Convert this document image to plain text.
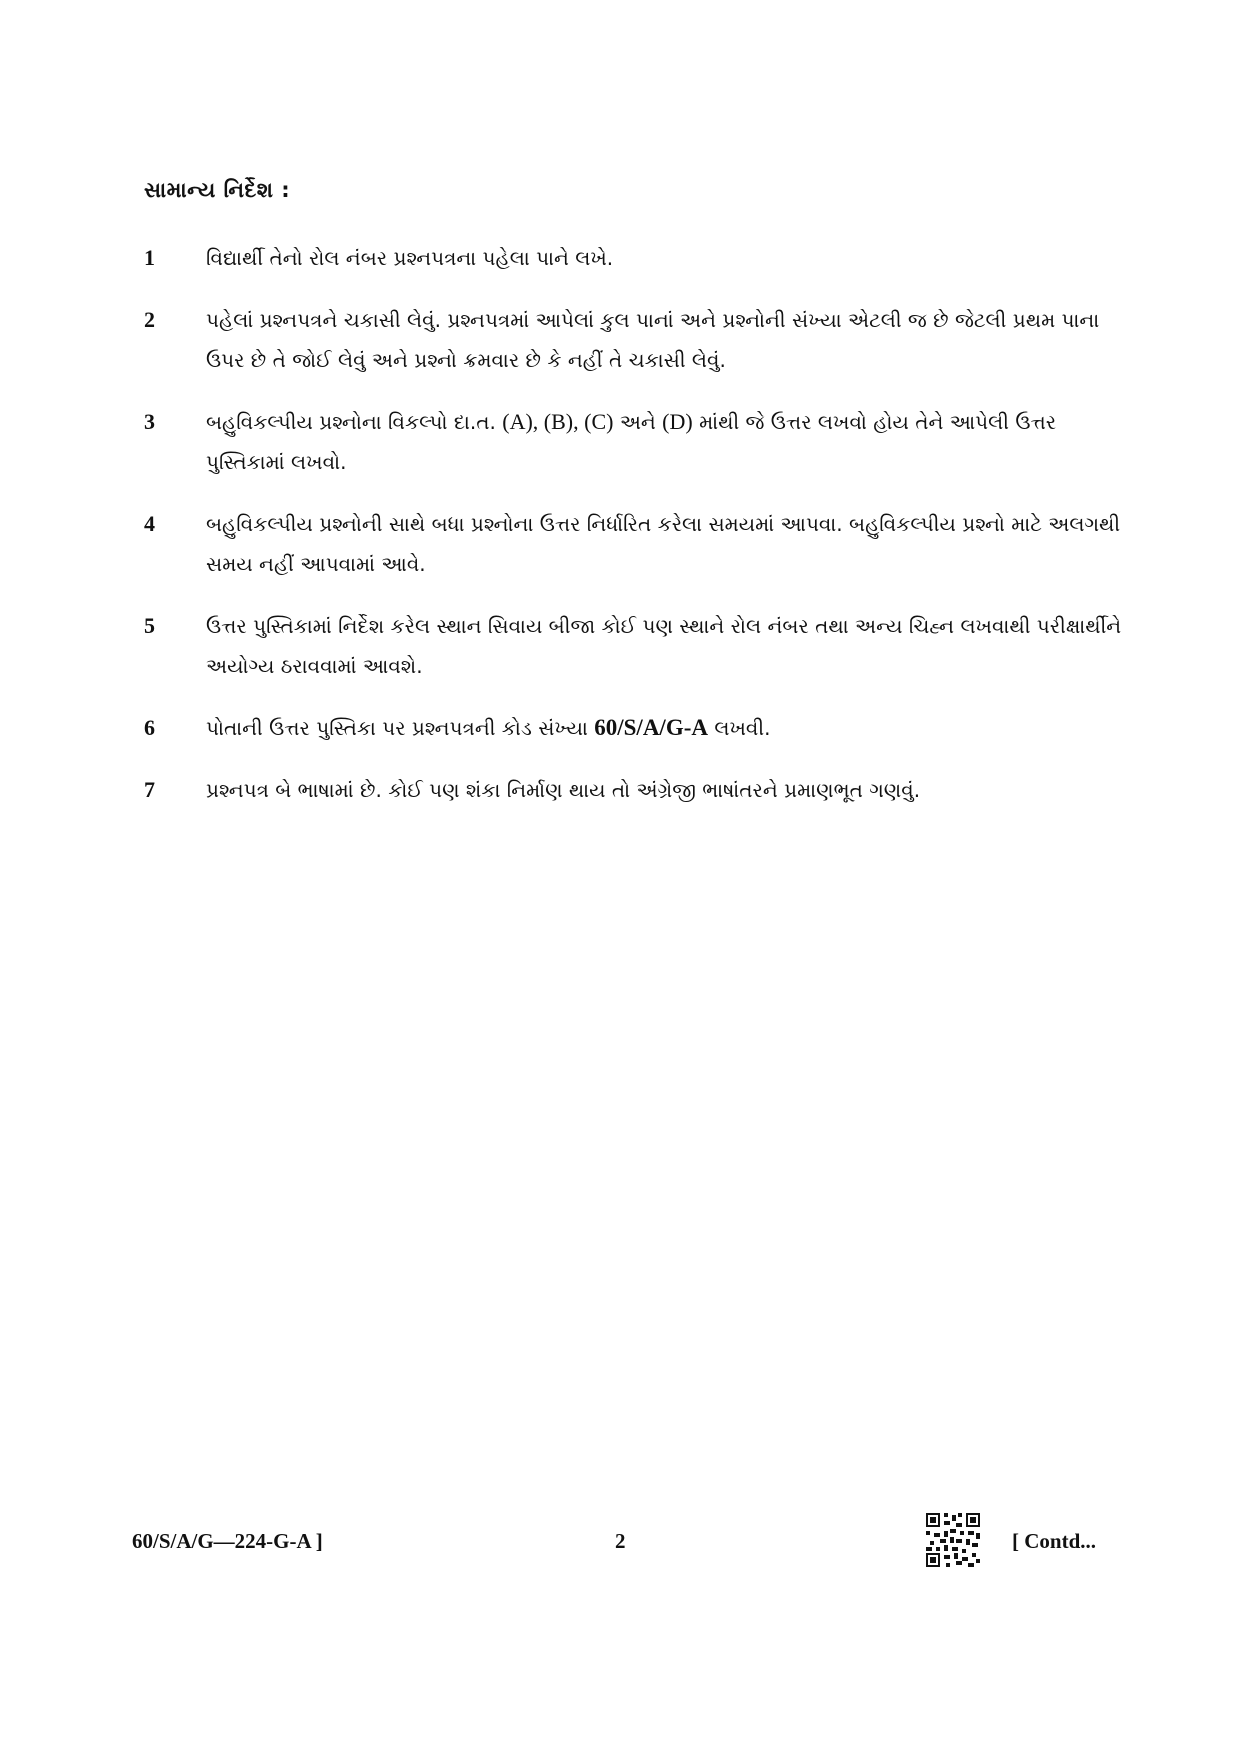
સામાન્ય નિર્દેશ :
1	વિદ્યાર્થી તેનો રોલ નંબર પ્રશ્નપત્રના પહેલા પાને લખે.
2	પહેલાં પ્રશ્નપત્રને ચકાસી લેવું. પ્રશ્નપત્રમાં આપેલાં કુલ પાનાં અને પ્રશ્નોની સંખ્યા એટલી જ છે જેટલી પ્રથમ પાના ઉપર છે તે જોઈ લેવું અને પ્રશ્નો ક્રમવાર છે કે નહીં તે ચકાસી લેવું.
3	બહુવિકલ્પીય પ્રશ્નોના વિકલ્પો દા.ત. (A), (B), (C) અને (D) માંથી જે ઉત્તર લખવો હોય તેને આપેલી ઉત્તર પુસ્તિકામાં લખવો.
4	બહુવિકલ્પીય પ્રશ્નોની સાથે બધા પ્રશ્નોના ઉત્તર નિર્ધારિત કરેલા સમયમાં આપવા. બહુવિકલ્પીય પ્રશ્નો માટે અલગથી સમય નહીં આપવામાં આવે.
5	ઉત્તર પુસ્તિકામાં નિર્દેશ કરેલ સ્થાન સિવાય બીજા કોઈ પણ સ્થાને રોલ નંબર તથા અન્ય ચિહ્ન લખવાથી પરીક્ષાર્થીને અયોગ્ય ઠરાવવામાં આવશે.
6	પોતાની ઉત્તર પુસ્તિકા પર પ્રશ્નપત્રની કોડ સંખ્યા 60/S/A/G-A લખવી.
7	પ્રશ્નપત્ર બે ભાષામાં છે. કોઈ પણ શંકા નિર્માણ થાય તો અંગ્રેજી ભાષાંતરને પ્રમાણભૂત ગણવું.
60/S/A/G—224-G-A ]	2	[ Contd...
